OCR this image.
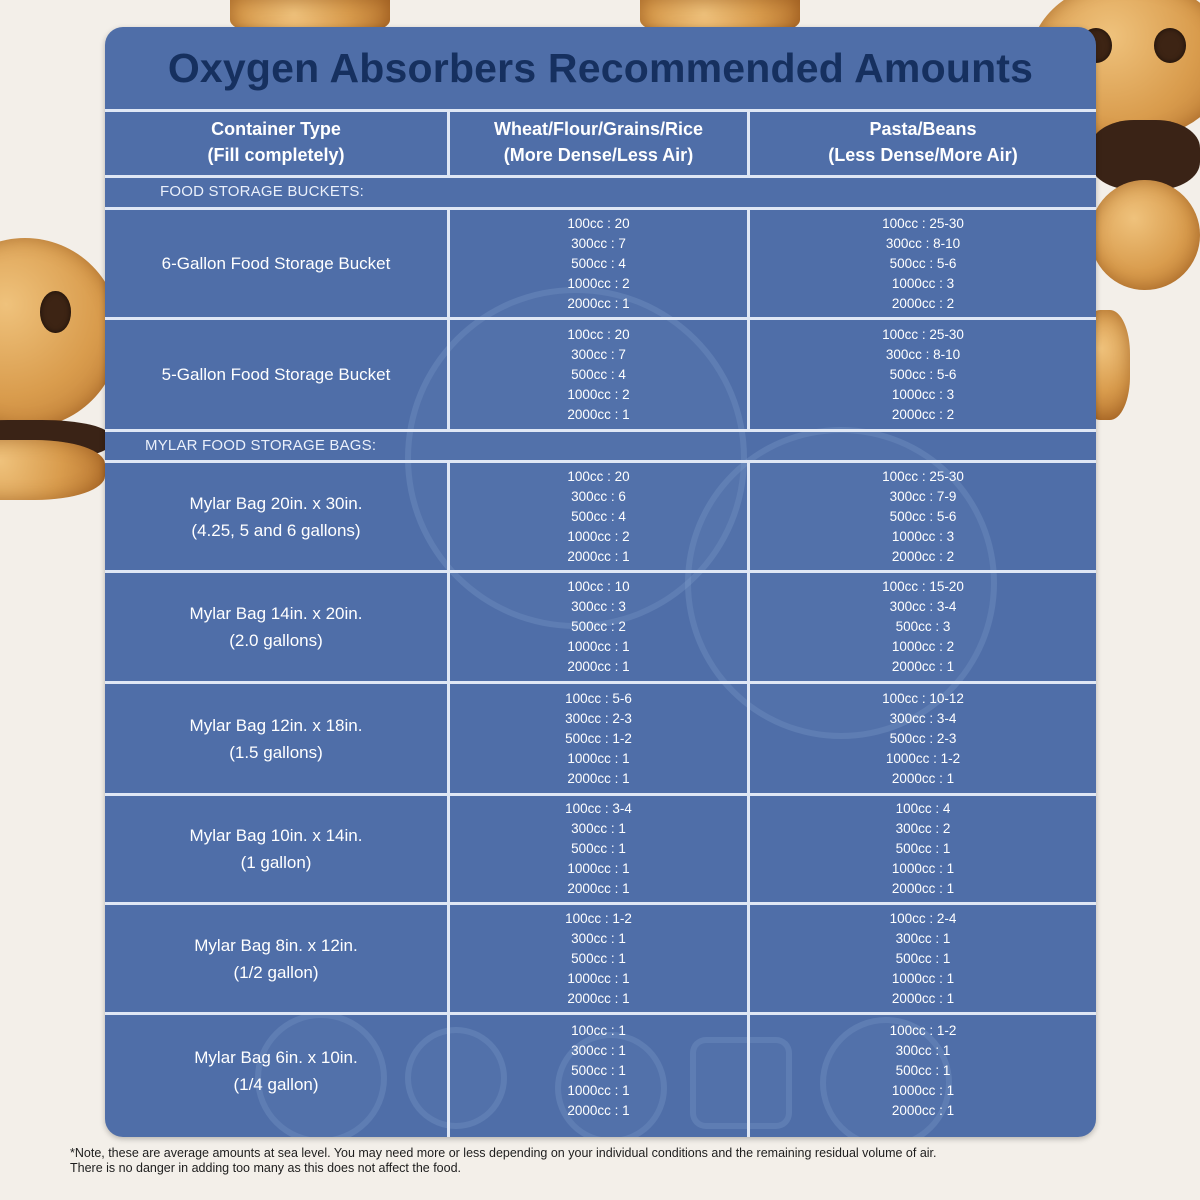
Oxygen Absorbers Recommended Amounts
Container Type
(Fill completely)
Wheat/Flour/Grains/Rice
(More Dense/Less Air)
Pasta/Beans
(Less Dense/More Air)
FOOD STORAGE BUCKETS:
MYLAR FOOD STORAGE BAGS:
6-Gallon Food Storage Bucket
100cc : 20
300cc : 7
500cc : 4
1000cc : 2
2000cc : 1
100cc : 25-30
300cc : 8-10
500cc : 5-6
1000cc : 3
2000cc : 2
5-Gallon Food Storage Bucket
100cc : 20
300cc : 7
500cc : 4
1000cc : 2
2000cc : 1
100cc : 25-30
300cc : 8-10
500cc : 5-6
1000cc : 3
2000cc : 2
Mylar Bag 20in. x 30in.
(4.25, 5 and 6 gallons)
100cc : 20
300cc : 6
500cc : 4
1000cc : 2
2000cc : 1
100cc : 25-30
300cc : 7-9
500cc : 5-6
1000cc : 3
2000cc : 2
Mylar Bag 14in. x 20in.
(2.0 gallons)
100cc : 10
300cc : 3
500cc : 2
1000cc : 1
2000cc : 1
100cc : 15-20
300cc : 3-4
500cc : 3
1000cc : 2
2000cc : 1
Mylar Bag 12in. x 18in.
(1.5 gallons)
100cc : 5-6
300cc : 2-3
500cc : 1-2
1000cc : 1
2000cc : 1
100cc : 10-12
300cc : 3-4
500cc : 2-3
1000cc : 1-2
2000cc : 1
Mylar Bag 10in. x 14in.
(1 gallon)
100cc : 3-4
300cc : 1
500cc : 1
1000cc : 1
2000cc : 1
100cc : 4
300cc : 2
500cc : 1
1000cc : 1
2000cc : 1
Mylar Bag 8in. x 12in.
(1/2 gallon)
100cc : 1-2
300cc : 1
500cc : 1
1000cc : 1
2000cc : 1
100cc : 2-4
300cc : 1
500cc : 1
1000cc : 1
2000cc : 1
Mylar Bag 6in. x 10in.
(1/4 gallon)
100cc : 1
300cc : 1
500cc : 1
1000cc : 1
2000cc : 1
100cc : 1-2
300cc : 1
500cc : 1
1000cc : 1
2000cc : 1
*Note, these are average amounts at sea level. You may need more or less depending on your individual conditions and the remaining residual volume of air.
There is no danger in adding too many as this does not affect the food.
